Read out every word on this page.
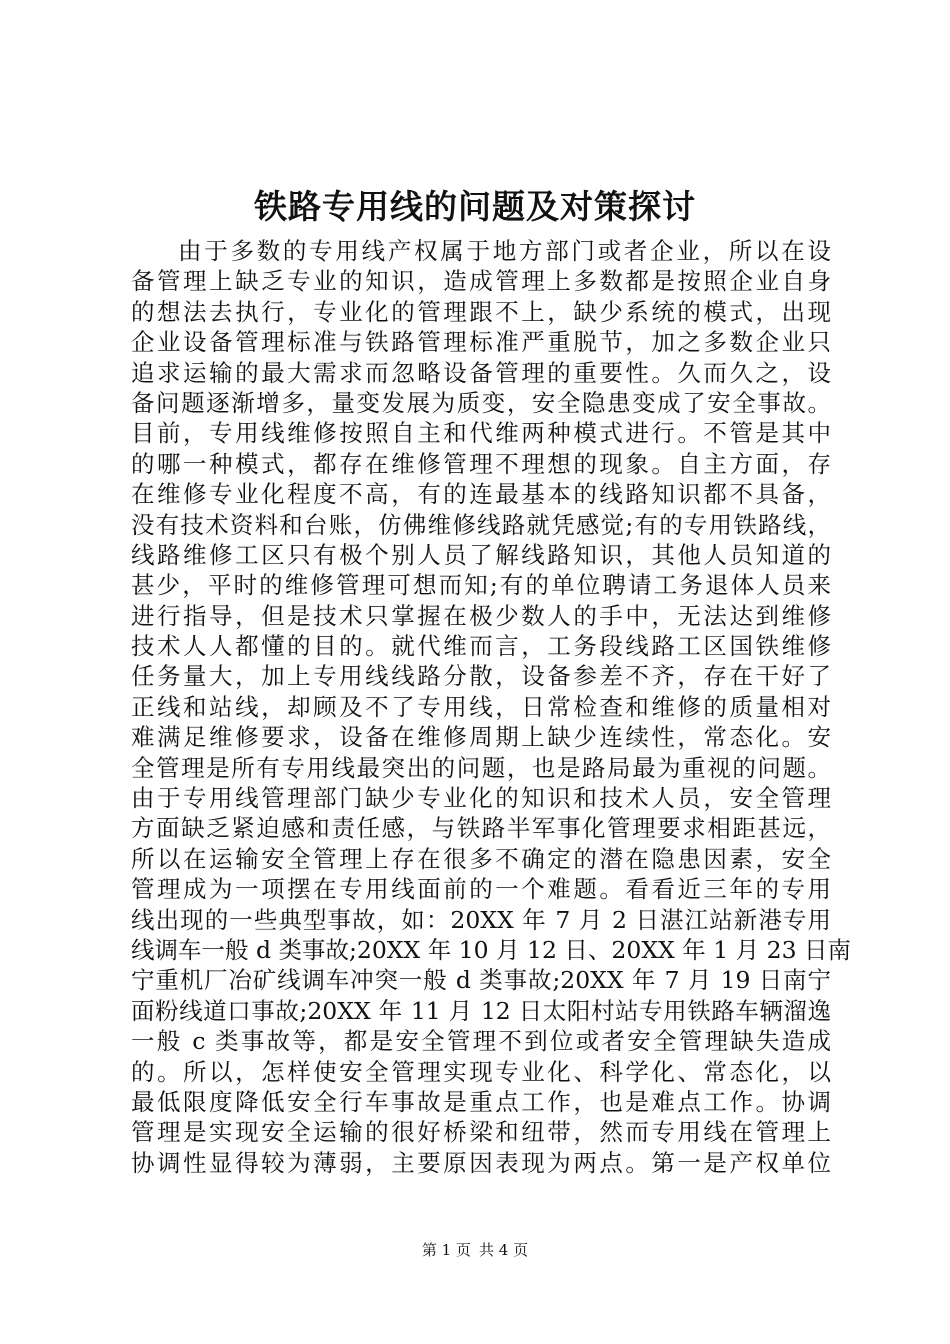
铁路专用线的问题及对策探讨
由于多数的专用线产权属于地方部门或者企业，所以在设
备管理上缺乏专业的知识，造成管理上多数都是按照企业自身
的想法去执行，专业化的管理跟不上，缺少系统的模式，出现
企业设备管理标准与铁路管理标准严重脱节，加之多数企业只
追求运输的最大需求而忽略设备管理的重要性。久而久之，设
备问题逐渐增多，量变发展为质变，安全隐患变成了安全事故。
目前，专用线维修按照自主和代维两种模式进行。不管是其中
的哪一种模式，都存在维修管理不理想的现象。自主方面，存
在维修专业化程度不高，有的连最基本的线路知识都不具备，
没有技术资料和台账，仿佛维修线路就凭感觉;有的专用铁路线，
线路维修工区只有极个别人员了解线路知识，其他人员知道的
甚少，平时的维修管理可想而知;有的单位聘请工务退体人员来
进行指导，但是技术只掌握在极少数人的手中，无法达到维修
技术人人都懂的目的。就代维而言，工务段线路工区国铁维修
任务量大，加上专用线线路分散，设备参差不齐，存在干好了
正线和站线，却顾及不了专用线，日常检查和维修的质量相对
难满足维修要求，设备在维修周期上缺少连续性，常态化。安
全管理是所有专用线最突出的问题，也是路局最为重视的问题。
由于专用线管理部门缺少专业化的知识和技术人员，安全管理
方面缺乏紧迫感和责任感，与铁路半军事化管理要求相距甚远，
所以在运输安全管理上存在很多不确定的潜在隐患因素，安全
管理成为一项摆在专用线面前的一个难题。看看近三年的专用
线出现的一些典型事故，如：20XX 年 7 月 2 日湛江站新港专用
线调车一般 d 类事故;20XX 年 10 月 12 日、20XX 年 1 月 23 日南
宁重机厂冶矿线调车冲突一般 d 类事故;20XX 年 7 月 19 日南宁
面粉线道口事故;20XX 年 11 月 12 日太阳村站专用铁路车辆溜逸
一般 c 类事故等，都是安全管理不到位或者安全管理缺失造成
的。所以，怎样使安全管理实现专业化、科学化、常态化，以
最低限度降低安全行车事故是重点工作，也是难点工作。协调
管理是实现安全运输的很好桥梁和纽带，然而专用线在管理上
协调性显得较为薄弱，主要原因表现为两点。第一是产权单位
第 1 页 共 4 页
